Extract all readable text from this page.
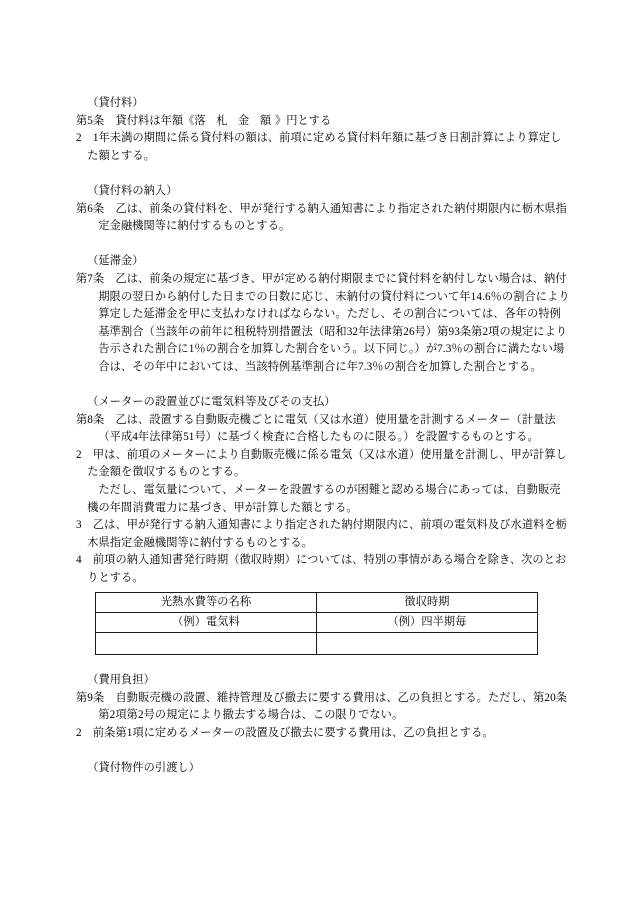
（貸付料）
第5条 貸付料は年額《落 札 金 額》円とする
2 1年未満の期間に係る貸付料の額は、前項に定める貸付料年額に基づき日割計算により算定した額とする。
（貸付料の納入）
第6条 乙は、前条の貸付料を、甲が発行する納入通知書により指定された納付期限内に栃木県指定金融機関等に納付するものとする。
（延滞金）
第7条 乙は、前条の規定に基づき、甲が定める納付期限までに貸付料を納付しない場合は、納付期限の翌日から納付した日までの日数に応じ、未納付の貸付料について年14.6％の割合により算定した延滞金を甲に支払わなければならない。ただし、その割合については、各年の特例基準割合（当該年の前年に租税特別措置法（昭和32年法律第26号）第93条第2項の規定により告示された割合に1％の割合を加算した割合をいう。以下同じ。）が7.3％の割合に満たない場合は、その年中においては、当該特例基準割合に年7.3％の割合を加算した割合とする。
（メーターの設置並びに電気料等及びその支払）
第8条 乙は、設置する自動販売機ごとに電気（又は水道）使用量を計測するメーター（計量法（平成4年法律第51号）に基づく検査に合格したものに限る。）を設置するものとする。
2 甲は、前項のメーターにより自動販売機に係る電気（又は水道）使用量を計測し、甲が計算した金額を徴収するものとする。
ただし、電気量について、メーターを設置するのが困難と認める場合にあっては、自動販売機の年間消費電力に基づき、甲が計算した額とする。
3 乙は、甲が発行する納入通知書により指定された納付期限内に、前項の電気料及び水道料を栃木県指定金融機関等に納付するものとする。
4 前項の納入通知書発行時期（徴収時期）については、特別の事情がある場合を除き、次のとおりとする。
光熱水費等の名称	徴収時期
（例）電気料	（例）四半期毎

（費用負担）
第9条 自動販売機の設置、維持管理及び撤去に要する費用は、乙の負担とする。ただし、第20条第2項第2号の規定により撤去する場合は、この限りでない。
2 前条第1項に定めるメーターの設置及び撤去に要する費用は、乙の負担とする。
（貸付物件の引渡し）
